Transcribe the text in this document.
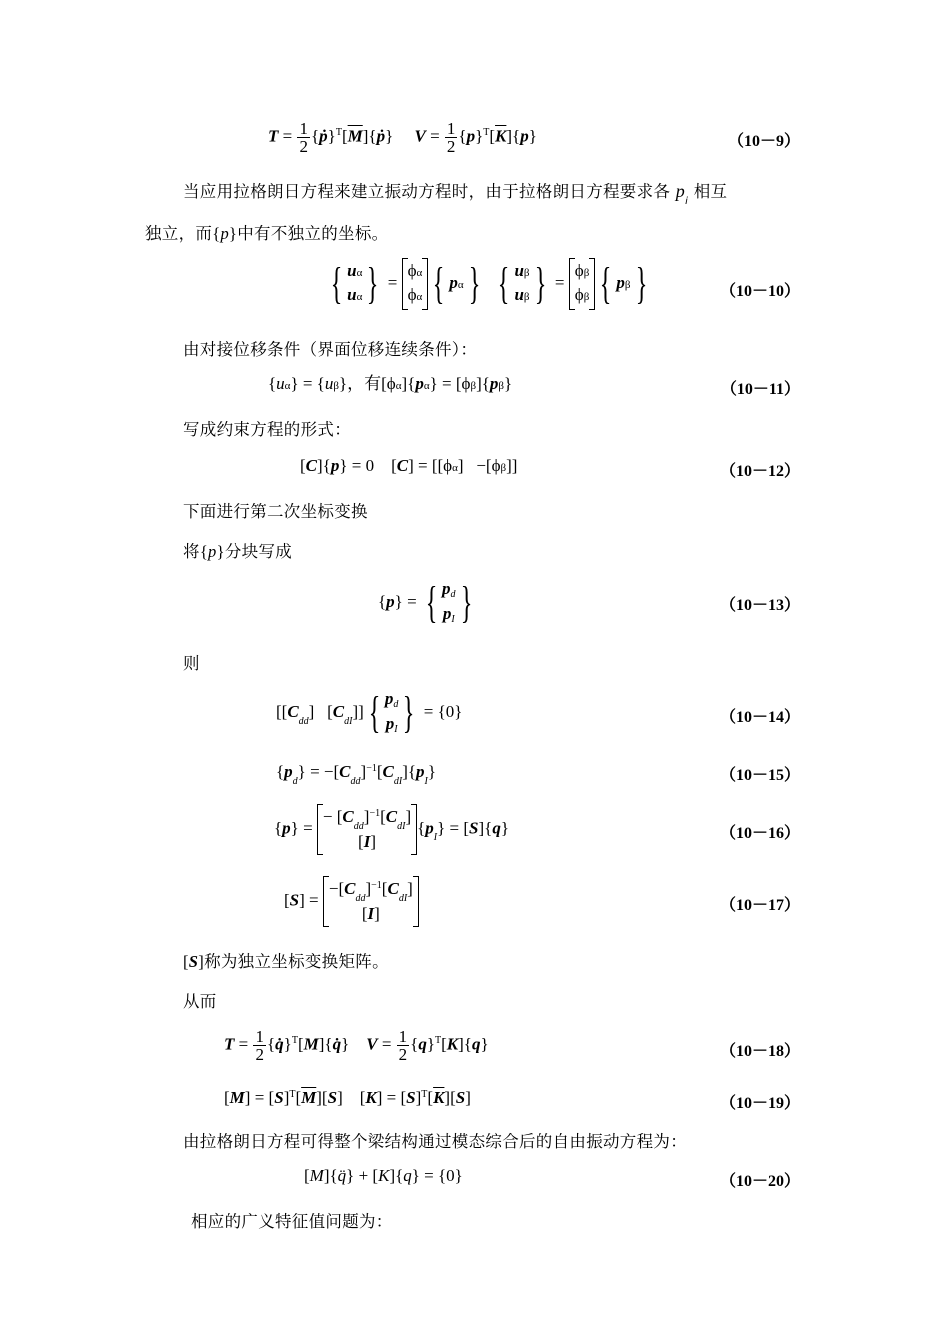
$T = \frac{1}{2}$ $\{ṗ\}^T[\overline{M}]\{ṗ\}$     $V = \frac{1}{2} \{p\}^T[\overline{K}]\{p\}$	（10－9）
当应用拉格朗日方程来建立振动方程时，由于拉格朗日方程要求各 $p_i$ 相互
独立，而{p}中有不独立的坐标。
{ uα
uα } = ϕα
ϕα { pα } { uβ
uβ } = ϕβ
ϕβ { pβ }	（10－10）
由对接位移条件（界面位移连续条件）：
{uα} = {uβ}，有[ϕα]{pα} = [ϕβ]{pβ}	（10－11）
写成约束方程的形式：
[C]{p} = 0    [C] = [[ϕα]   −[ϕβ]]	（10－12）
下面进行第二次坐标变换
将{p}分块写成
{p} = { pd
pI }	（10－13）
则
[$[C_{dd}]$   $[C_{dI}]$] { pd
pI } = {0}	（10－14）
$\{p_d\} = -[C_{dd}]^{-1}[C_{dI}]\{p_I\}$	（10－15）
{p} = − $[C_{dd}]^{-1}[C_{dI}]$
$[I]\{p_I\} = [S]\{q\}$	（10－16）
$[S] = -[C_{dd}]^{-1}[C_{dI}]$
[I]	（10－17）
[S]称为独立坐标变换矩阵。
从而
$T = \frac{1}{2}$ {q̇}$^T$[M]{q̇}    $V = \frac{1}{2} \{q\}^T[K]\{q\}$	（10－18）
$[M] = [S]^T[\overline{M}][S]$    $[K] = [S]^T[\overline{K}][S]$	（10－19）
由拉格朗日方程可得整个梁结构通过模态综合后的自由振动方程为：
[M]{q̈} + [K]{q} = {0}	（10－20）
相应的广义特征值问题为：
